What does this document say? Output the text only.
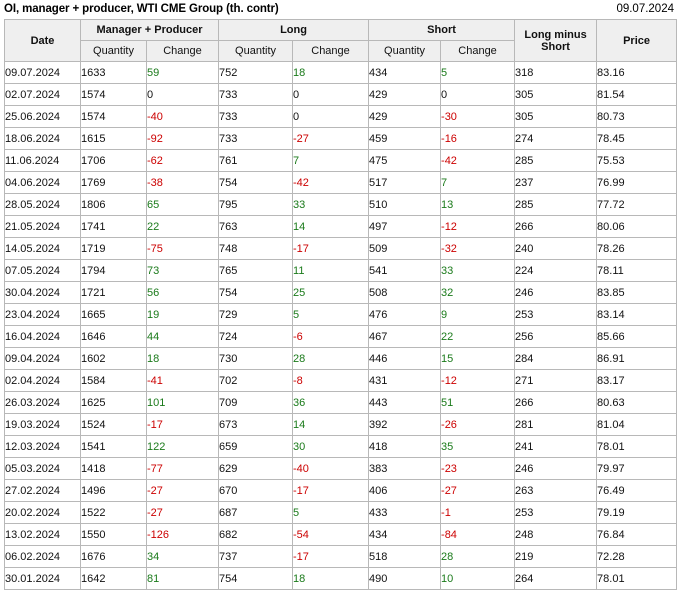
OI, manager + producer, WTI CME Group (th. contr)	09.07.2024
Date	Manager + Producer		Long		Short		Long minus Short	Price
	Quantity	Change	Quantity	Change	Quantity	Change		
09.07.2024	1633	59	752	18	434	5	318	83.16
02.07.2024	1574	0	733	0	429	0	305	81.54
25.06.2024	1574	-40	733	0	429	-30	305	80.73
18.06.2024	1615	-92	733	-27	459	-16	274	78.45
11.06.2024	1706	-62	761	7	475	-42	285	75.53
04.06.2024	1769	-38	754	-42	517	7	237	76.99
28.05.2024	1806	65	795	33	510	13	285	77.72
21.05.2024	1741	22	763	14	497	-12	266	80.06
14.05.2024	1719	-75	748	-17	509	-32	240	78.26
07.05.2024	1794	73	765	11	541	33	224	78.11
30.04.2024	1721	56	754	25	508	32	246	83.85
23.04.2024	1665	19	729	5	476	9	253	83.14
16.04.2024	1646	44	724	-6	467	22	256	85.66
09.04.2024	1602	18	730	28	446	15	284	86.91
02.04.2024	1584	-41	702	-8	431	-12	271	83.17
26.03.2024	1625	101	709	36	443	51	266	80.63
19.03.2024	1524	-17	673	14	392	-26	281	81.04
12.03.2024	1541	122	659	30	418	35	241	78.01
05.03.2024	1418	-77	629	-40	383	-23	246	79.97
27.02.2024	1496	-27	670	-17	406	-27	263	76.49
20.02.2024	1522	-27	687	5	433	-1	253	79.19
13.02.2024	1550	-126	682	-54	434	-84	248	76.84
06.02.2024	1676	34	737	-17	518	28	219	72.28
30.01.2024	1642	81	754	18	490	10	264	78.01
